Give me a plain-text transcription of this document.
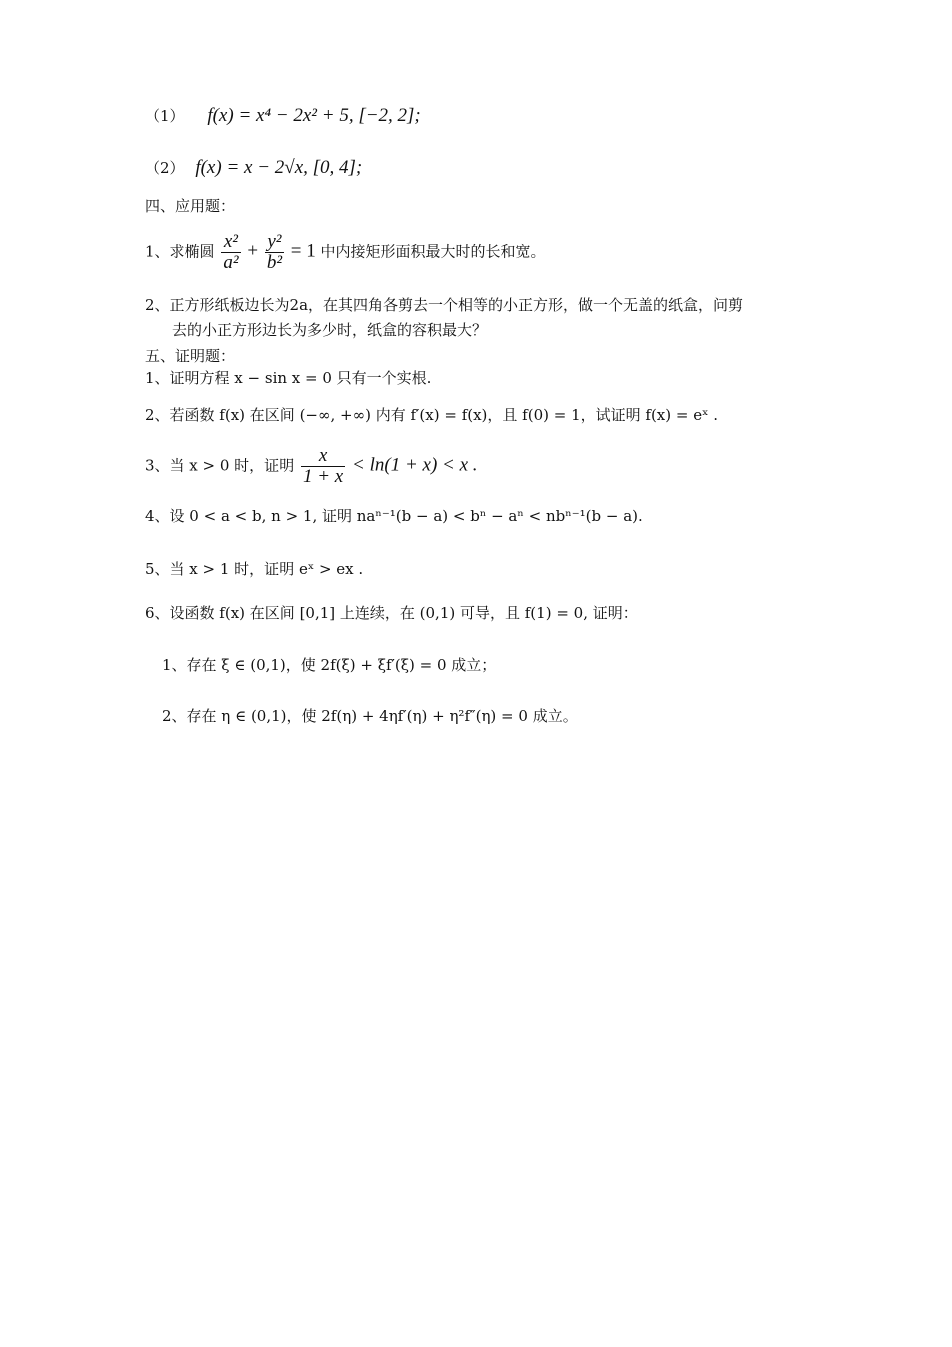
（1） f(x) = x⁴ − 2x² + 5, [−2, 2];
（2） f(x) = x − 2√x, [0, 4];
四、应用题：
1、求椭圆 $\frac{\text{x²}}{\text{a²}} + \frac{\text{y²}}{\text{b²}} = 1$ 中内接矩形面积最大时的长和宽。
2、正方形纸板边长为2a，在其四角各剪去一个相等的小正方形，做一个无盖的纸盒，问剪
去的小正方形边长为多少时，纸盒的容积最大？
五、证明题：
1、证明方程 x − sin x = 0 只有一个实根.
2、若函数 f(x) 在区间 (−∞, +∞) 内有 f′(x) = f(x)，且 f(0) = 1，试证明 f(x) = eˣ .
3、当 x > 0 时，证明 $\frac{x}{1 + x} < \ln(1 + x) < x$ .
4、设 0 < a < b, n > 1, 证明 naⁿ⁻¹(b − a) < bⁿ − aⁿ < nbⁿ⁻¹(b − a).
5、当 x > 1 时，证明 eˣ > ex .
6、设函数 f(x) 在区间 [0,1] 上连续，在 (0,1) 可导，且 f(1) = 0, 证明：
1、存在 ξ ∈ (0,1)，使 2f(ξ) + ξf′(ξ) = 0 成立；
2、存在 η ∈ (0,1)，使 2f(η) + 4ηf′(η) + η²f″(η) = 0 成立。
